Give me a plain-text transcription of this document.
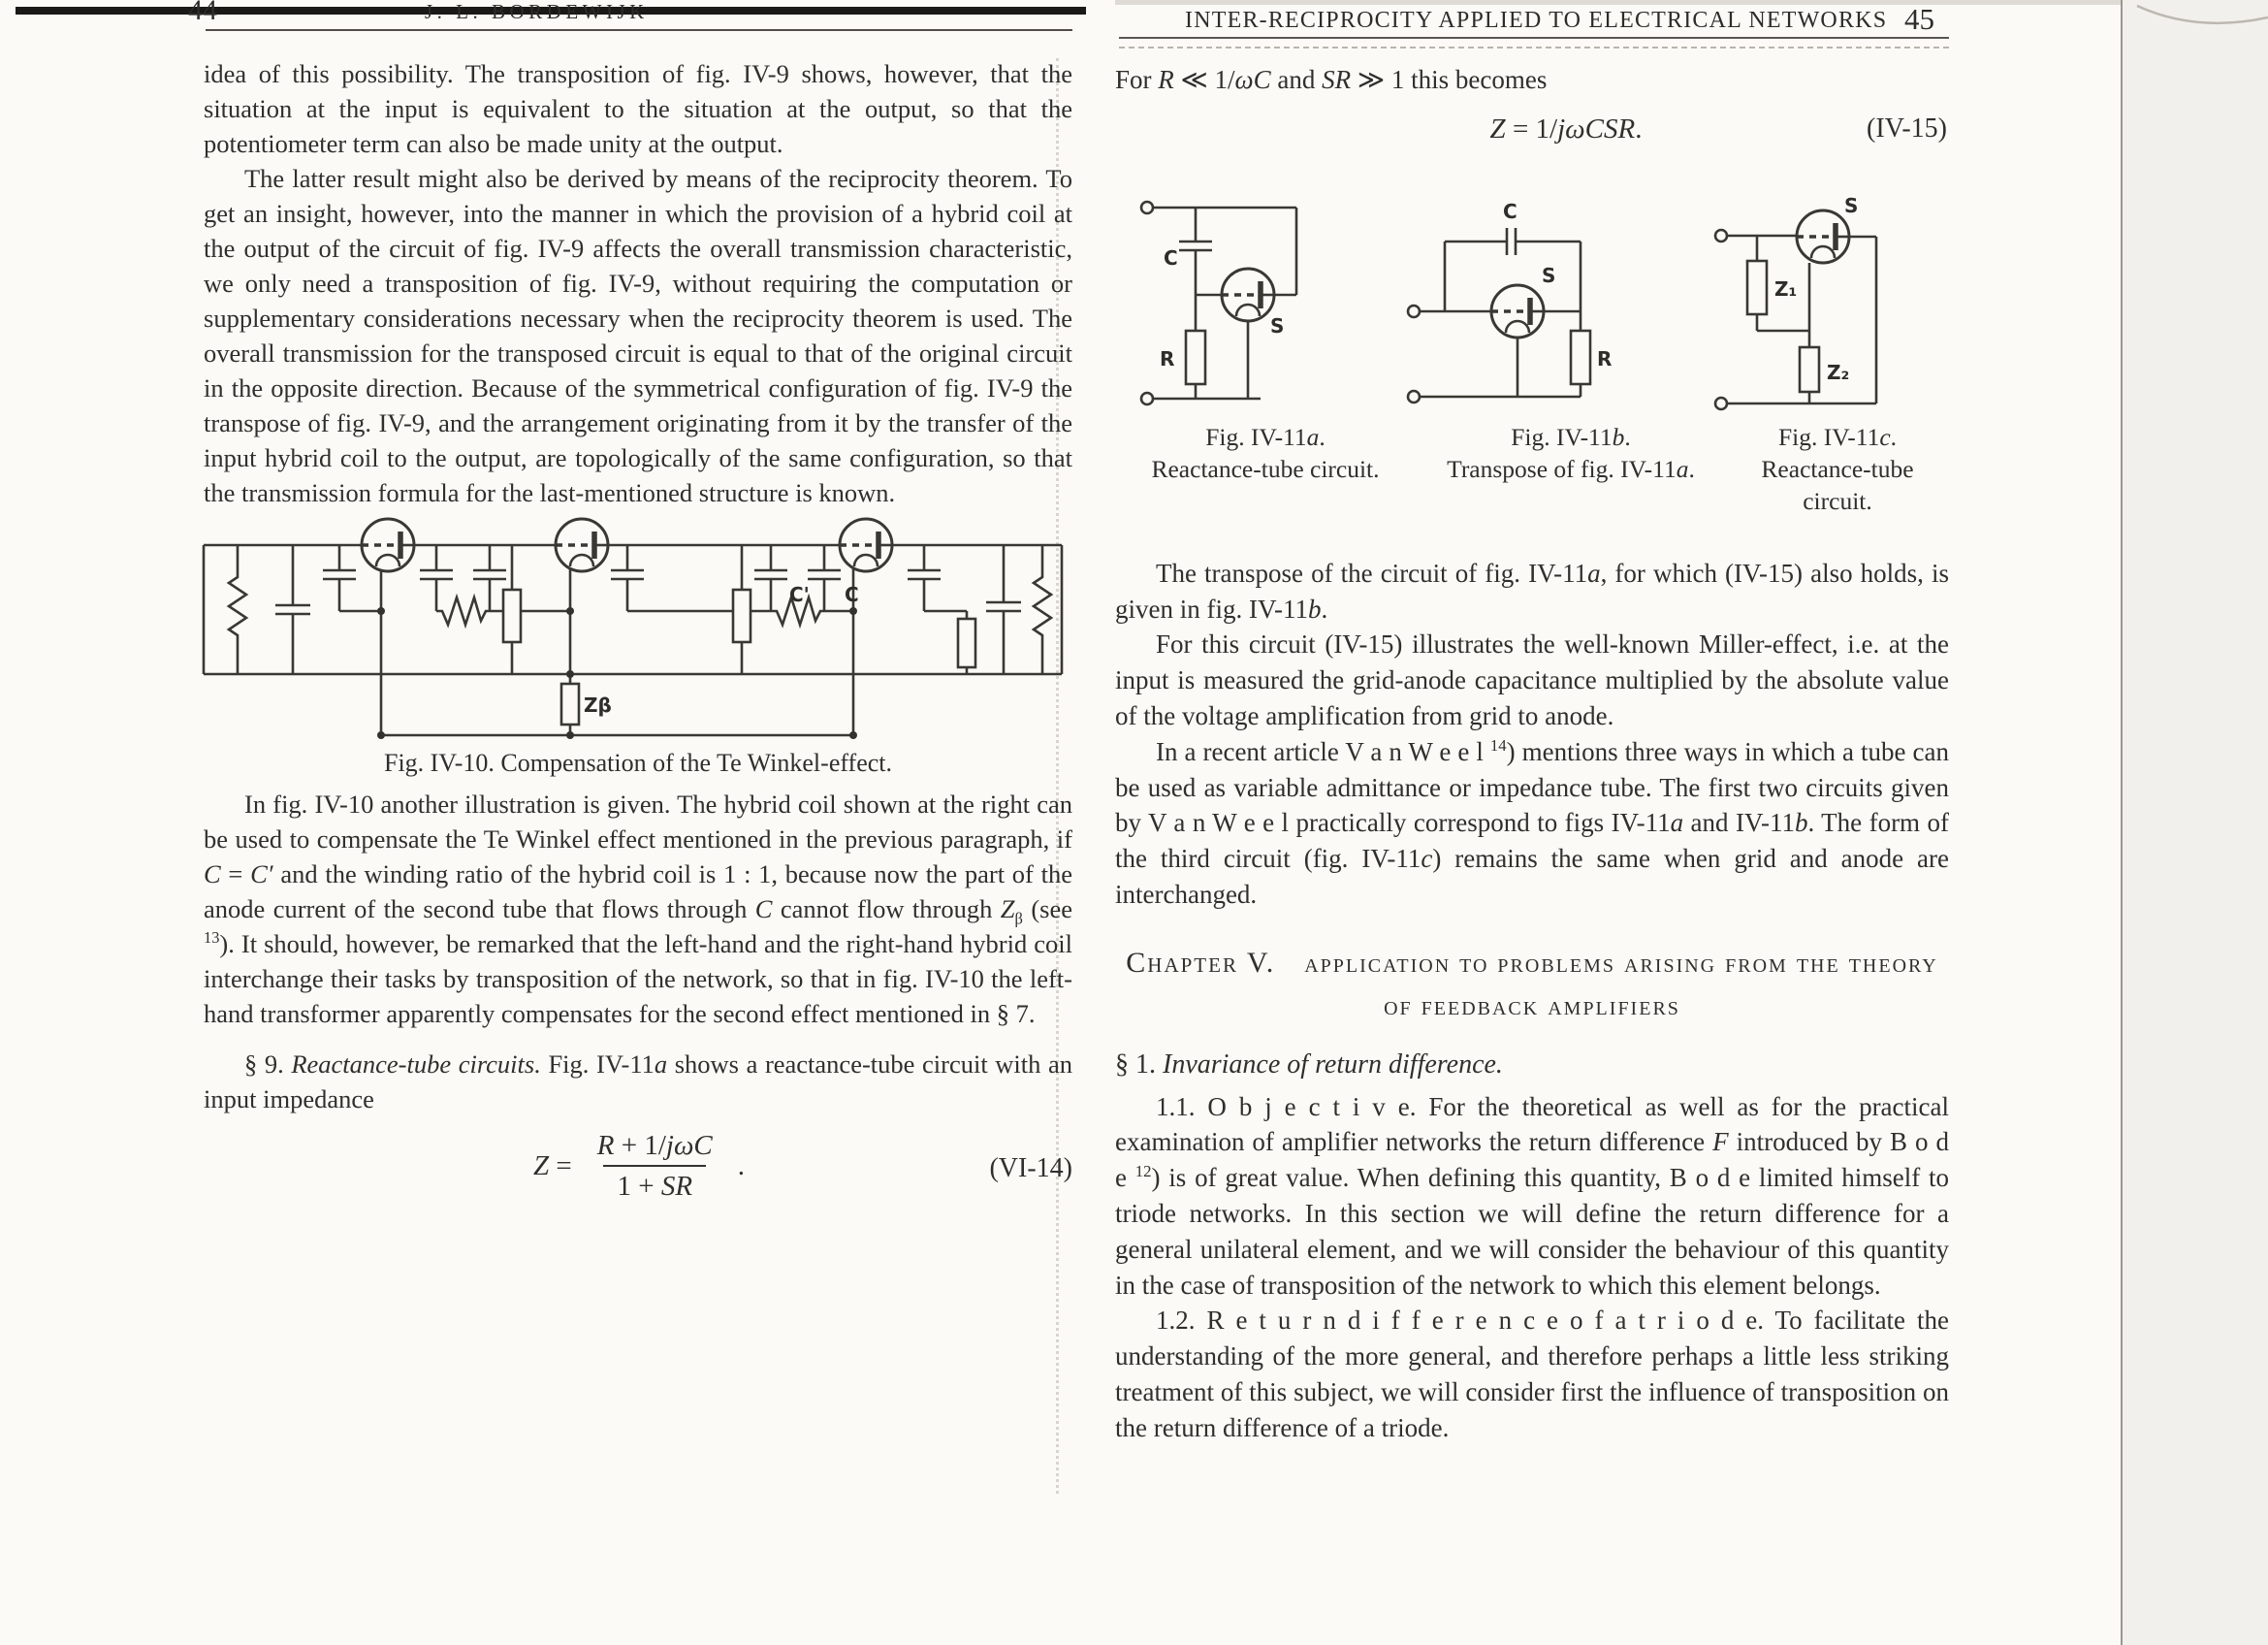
44	J. L. BORDEWIJK	INTER-RECIPROCITY APPLIED TO ELECTRICAL NETWORKS 45

idea of this possibility. The transposition of fig. IV-9 shows, however, that the situation at the input is equivalent to the situation at the output, so that the potentiometer term can also be made unity at the output.

The latter result might also be derived by means of the reciprocity theorem. To get an insight, however, into the manner in which the provision of a hybrid coil at the output of the circuit of fig. IV-9 affects the overall transmission characteristic, we only need a transposition of fig. IV-9, without requiring the computation or supplementary considerations necessary when the reciprocity theorem is used. The overall transmission for the transposed circuit is equal to that of the original circuit in the opposite direction. Because of the symmetrical configuration of fig. IV-9 the transpose of fig. IV-9, and the arrangement originating from it by the transfer of the input hybrid coil to the output, are topologically of the same configuration, so that the transmission formula for the last-mentioned structure is known.

C' C
Zβ
Fig. IV-10. Compensation of the Te Winkel-effect.

In fig. IV-10 another illustration is given. The hybrid coil shown at the right can be used to compensate the Te Winkel effect mentioned in the previous paragraph, if C = C′ and the winding ratio of the hybrid coil is 1 : 1, because now the part of the anode current of the second tube that flows through C cannot flow through $Z_\beta$ (see $^{13}$). It should, however, be remarked that the left-hand and the right-hand hybrid coil interchange their tasks by transposition of the network, so that in fig. IV-10 the left-hand transformer apparently compensates for the second effect mentioned in § 7.

§ 9. Reactance-tube circuits. Fig. IV-11a shows a reactance-tube circuit with an input impedance

$Z = \frac{\text{R + 1/jωC}}{1 + SR}$ .	(VI-14)

For R ≪ 1/ωC and SR ≫ 1 this becomes

Z = 1/jωCSR.	(IV-15)
C
R
S
C
S
R
Z₁
Z₂
S
Fig. IV-11a.
Reactance-tube circuit.
Fig. IV-11b.
Transpose of fig. IV-11a.
Fig. IV-11c.
Reactance-tube circuit.

The transpose of the circuit of fig. IV-11a, for which (IV-15) also holds, is given in fig. IV-11b.

For this circuit (IV-15) illustrates the well-known Miller-effect, i.e. at the input is measured the grid-anode capacitance multiplied by the absolute value of the voltage amplification from grid to anode.

In a recent article V a n W e e l $^{14}$) mentions three ways in which a tube can be used as variable admittance or impedance tube. The first two circuits given by V a n W e e l practically correspond to figs IV-11a and IV-11b. The form of the third circuit (fig. IV-11c) remains the same when grid and anode are interchanged.

Chapter V. application to problems arising from the theory
of feedback amplifiers

§ 1. Invariance of return difference.

1.1. O b j e c t i v e. For the theoretical as well as for the practical examination of amplifier networks the return difference F introduced by B o d e $^{12}$) is of great value. When defining this quantity, B o d e limited himself to triode networks. In this section we will define the return difference for a general unilateral element, and we will consider the behaviour of this quantity in the case of transposition of the network to which this element belongs.

1.2. R e t u r n d i f f e r e n c e o f a t r i o d e. To facilitate the understanding of the more general, and therefore perhaps a little less striking treatment of this subject, we will consider first the influence of transposition on the return difference of a triode.
